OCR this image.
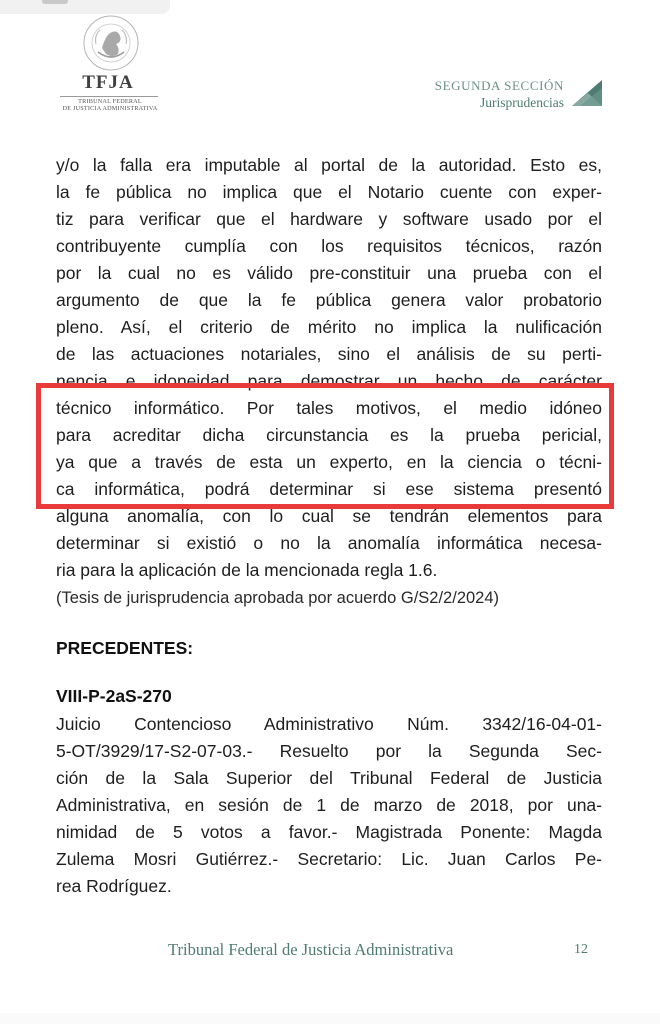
TFJA
TRIBUNAL FEDERAL
DE JUSTICIA ADMINISTRATIVA
SEGUNDA SECCIÓN
Jurisprudencias
y/o la falla era imputable al portal de la autoridad. Esto es,
la fe pública no implica que el Notario cuente con exper-
tiz para verificar que el hardware y software usado por el
contribuyente cumplía con los requisitos técnicos, razón
por la cual no es válido pre-constituir una prueba con el
argumento de que la fe pública genera valor probatorio
pleno. Así, el criterio de mérito no implica la nulificación
de las actuaciones notariales, sino el análisis de su perti-
nencia e idoneidad para demostrar un hecho de carácter
técnico informático. Por tales motivos, el medio idóneo
para acreditar dicha circunstancia es la prueba pericial,
ya que a través de esta un experto, en la ciencia o técni-
ca informática, podrá determinar si ese sistema presentó
alguna anomalía, con lo cual se tendrán elementos para
determinar si existió o no la anomalía informática necesa-
ria para la aplicación de la mencionada regla 1.6.
(Tesis de jurisprudencia aprobada por acuerdo G/S2/2/2024)
PRECEDENTES:
VIII-P-2aS-270
Juicio Contencioso Administrativo Núm. 3342/16-04-01-
5-OT/3929/17-S2-07-03.- Resuelto por la Segunda Sec-
ción de la Sala Superior del Tribunal Federal de Justicia
Administrativa, en sesión de 1 de marzo de 2018, por una-
nimidad de 5 votos a favor.- Magistrada Ponente: Magda
Zulema Mosri Gutiérrez.- Secretario: Lic. Juan Carlos Pe-
rea Rodríguez.
Tribunal Federal de Justicia Administrativa	12
